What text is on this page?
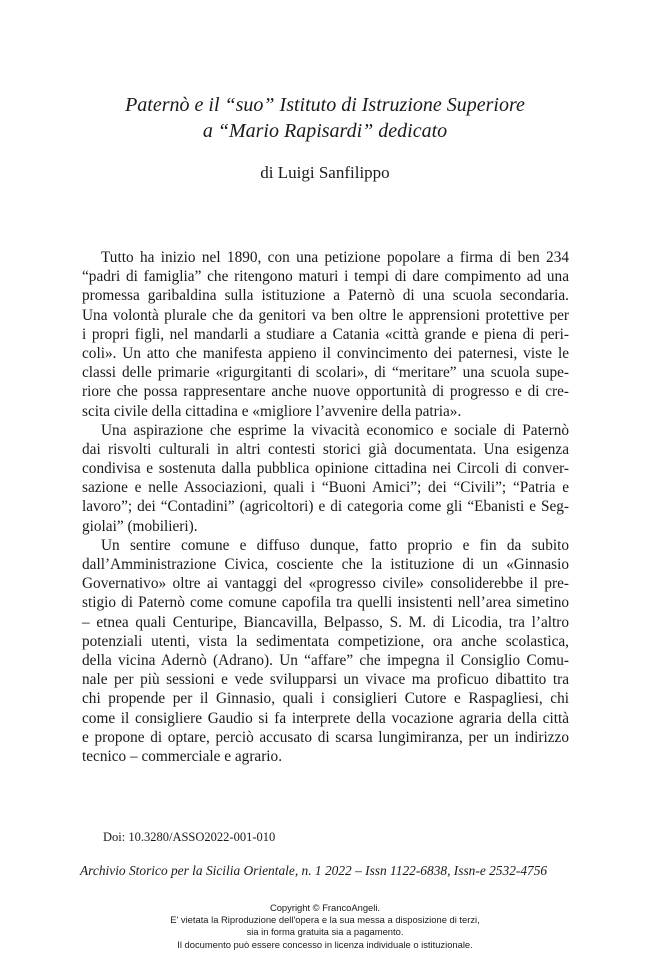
Paternò e il “suo” Istituto di Istruzione Superiore
a “Mario Rapisardi” dedicato
di Luigi Sanfilippo
Tutto ha inizio nel 1890, con una petizione popolare a firma di ben 234
“padri di famiglia” che ritengono maturi i tempi di dare compimento ad una
promessa garibaldina sulla istituzione a Paternò di una scuola secondaria.
Una volontà plurale che da genitori va ben oltre le apprensioni protettive per
i propri figli, nel mandarli a studiare a Catania «città grande e piena di peri-
coli». Un atto che manifesta appieno il convincimento dei paternesi, viste le
classi delle primarie «rigurgitanti di scolari», di “meritare” una scuola supe-
riore che possa rappresentare anche nuove opportunità di progresso e di cre-
scita civile della cittadina e «migliore l’avvenire della patria».
Una aspirazione che esprime la vivacità economico e sociale di Paternò
dai risvolti culturali in altri contesti storici già documentata. Una esigenza
condivisa e sostenuta dalla pubblica opinione cittadina nei Circoli di conver-
sazione e nelle Associazioni, quali i “Buoni Amici”; dei “Civili”; “Patria e
lavoro”; dei “Contadini” (agricoltori) e di categoria come gli “Ebanisti e Seg-
giolai” (mobilieri).
Un sentire comune e diffuso dunque, fatto proprio e fin da subito
dall’Amministrazione Civica, cosciente che la istituzione di un «Ginnasio
Governativo» oltre ai vantaggi del «progresso civile» consoliderebbe il pre-
stigio di Paternò come comune capofila tra quelli insistenti nell’area simetino
– etnea quali Centuripe, Biancavilla, Belpasso, S. M. di Licodia, tra l’altro
potenziali utenti, vista la sedimentata competizione, ora anche scolastica,
della vicina Adernò (Adrano). Un “affare” che impegna il Consiglio Comu-
nale per più sessioni e vede svilupparsi un vivace ma proficuo dibattito tra
chi propende per il Ginnasio, quali i consiglieri Cutore e Raspagliesi, chi
come il consigliere Gaudio si fa interprete della vocazione agraria della città
e propone di optare, perciò accusato di scarsa lungimiranza, per un indirizzo
tecnico – commerciale e agrario.
Doi: 10.3280/ASSO2022-001-010
Archivio Storico per la Sicilia Orientale, n. 1 2022 – Issn 1122-6838, Issn-e 2532-4756
Copyright © FrancoAngeli.
E' vietata la Riproduzione dell'opera e la sua messa a disposizione di terzi,
sia in forma gratuita sia a pagamento.
Il documento può essere concesso in licenza individuale o istituzionale.
